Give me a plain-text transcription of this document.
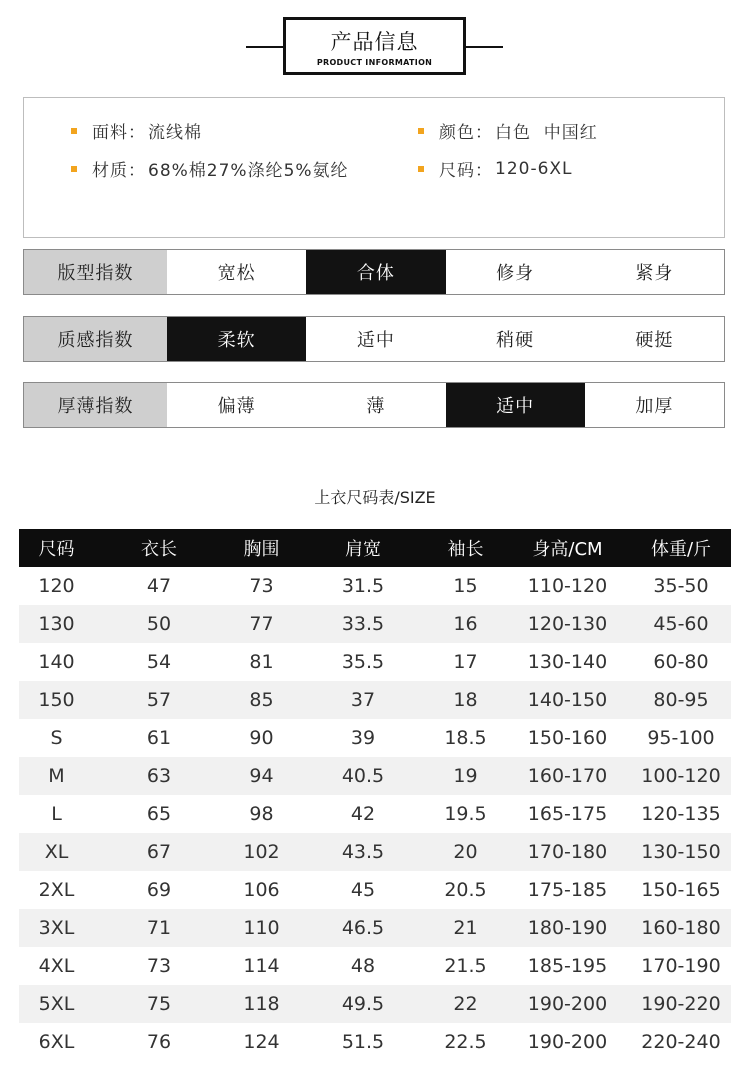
产品信息
PRODUCT INFORMATION
面料： 流线棉	颜色： 白色  中国红
材质： 68%棉27%涤纶5%氨纶	尺码： 120-6XL
版型指数	宽松	合体	修身	紧身
质感指数	柔软	适中	稍硬	硬挺
厚薄指数	偏薄	薄	适中	加厚
上衣尺码表/SIZE
尺码	衣长	胸围	肩宽	袖长	身高/CM	体重/斤
120	47	73	31.5	15	110-120	35-50
130	50	77	33.5	16	120-130	45-60
140	54	81	35.5	17	130-140	60-80
150	57	85	37	18	140-150	80-95
S	61	90	39	18.5	150-160	95-100
M	63	94	40.5	19	160-170	100-120
L	65	98	42	19.5	165-175	120-135
XL	67	102	43.5	20	170-180	130-150
2XL	69	106	45	20.5	175-185	150-165
3XL	71	110	46.5	21	180-190	160-180
4XL	73	114	48	21.5	185-195	170-190
5XL	75	118	49.5	22	190-200	190-220
6XL	76	124	51.5	22.5	190-200	220-240
